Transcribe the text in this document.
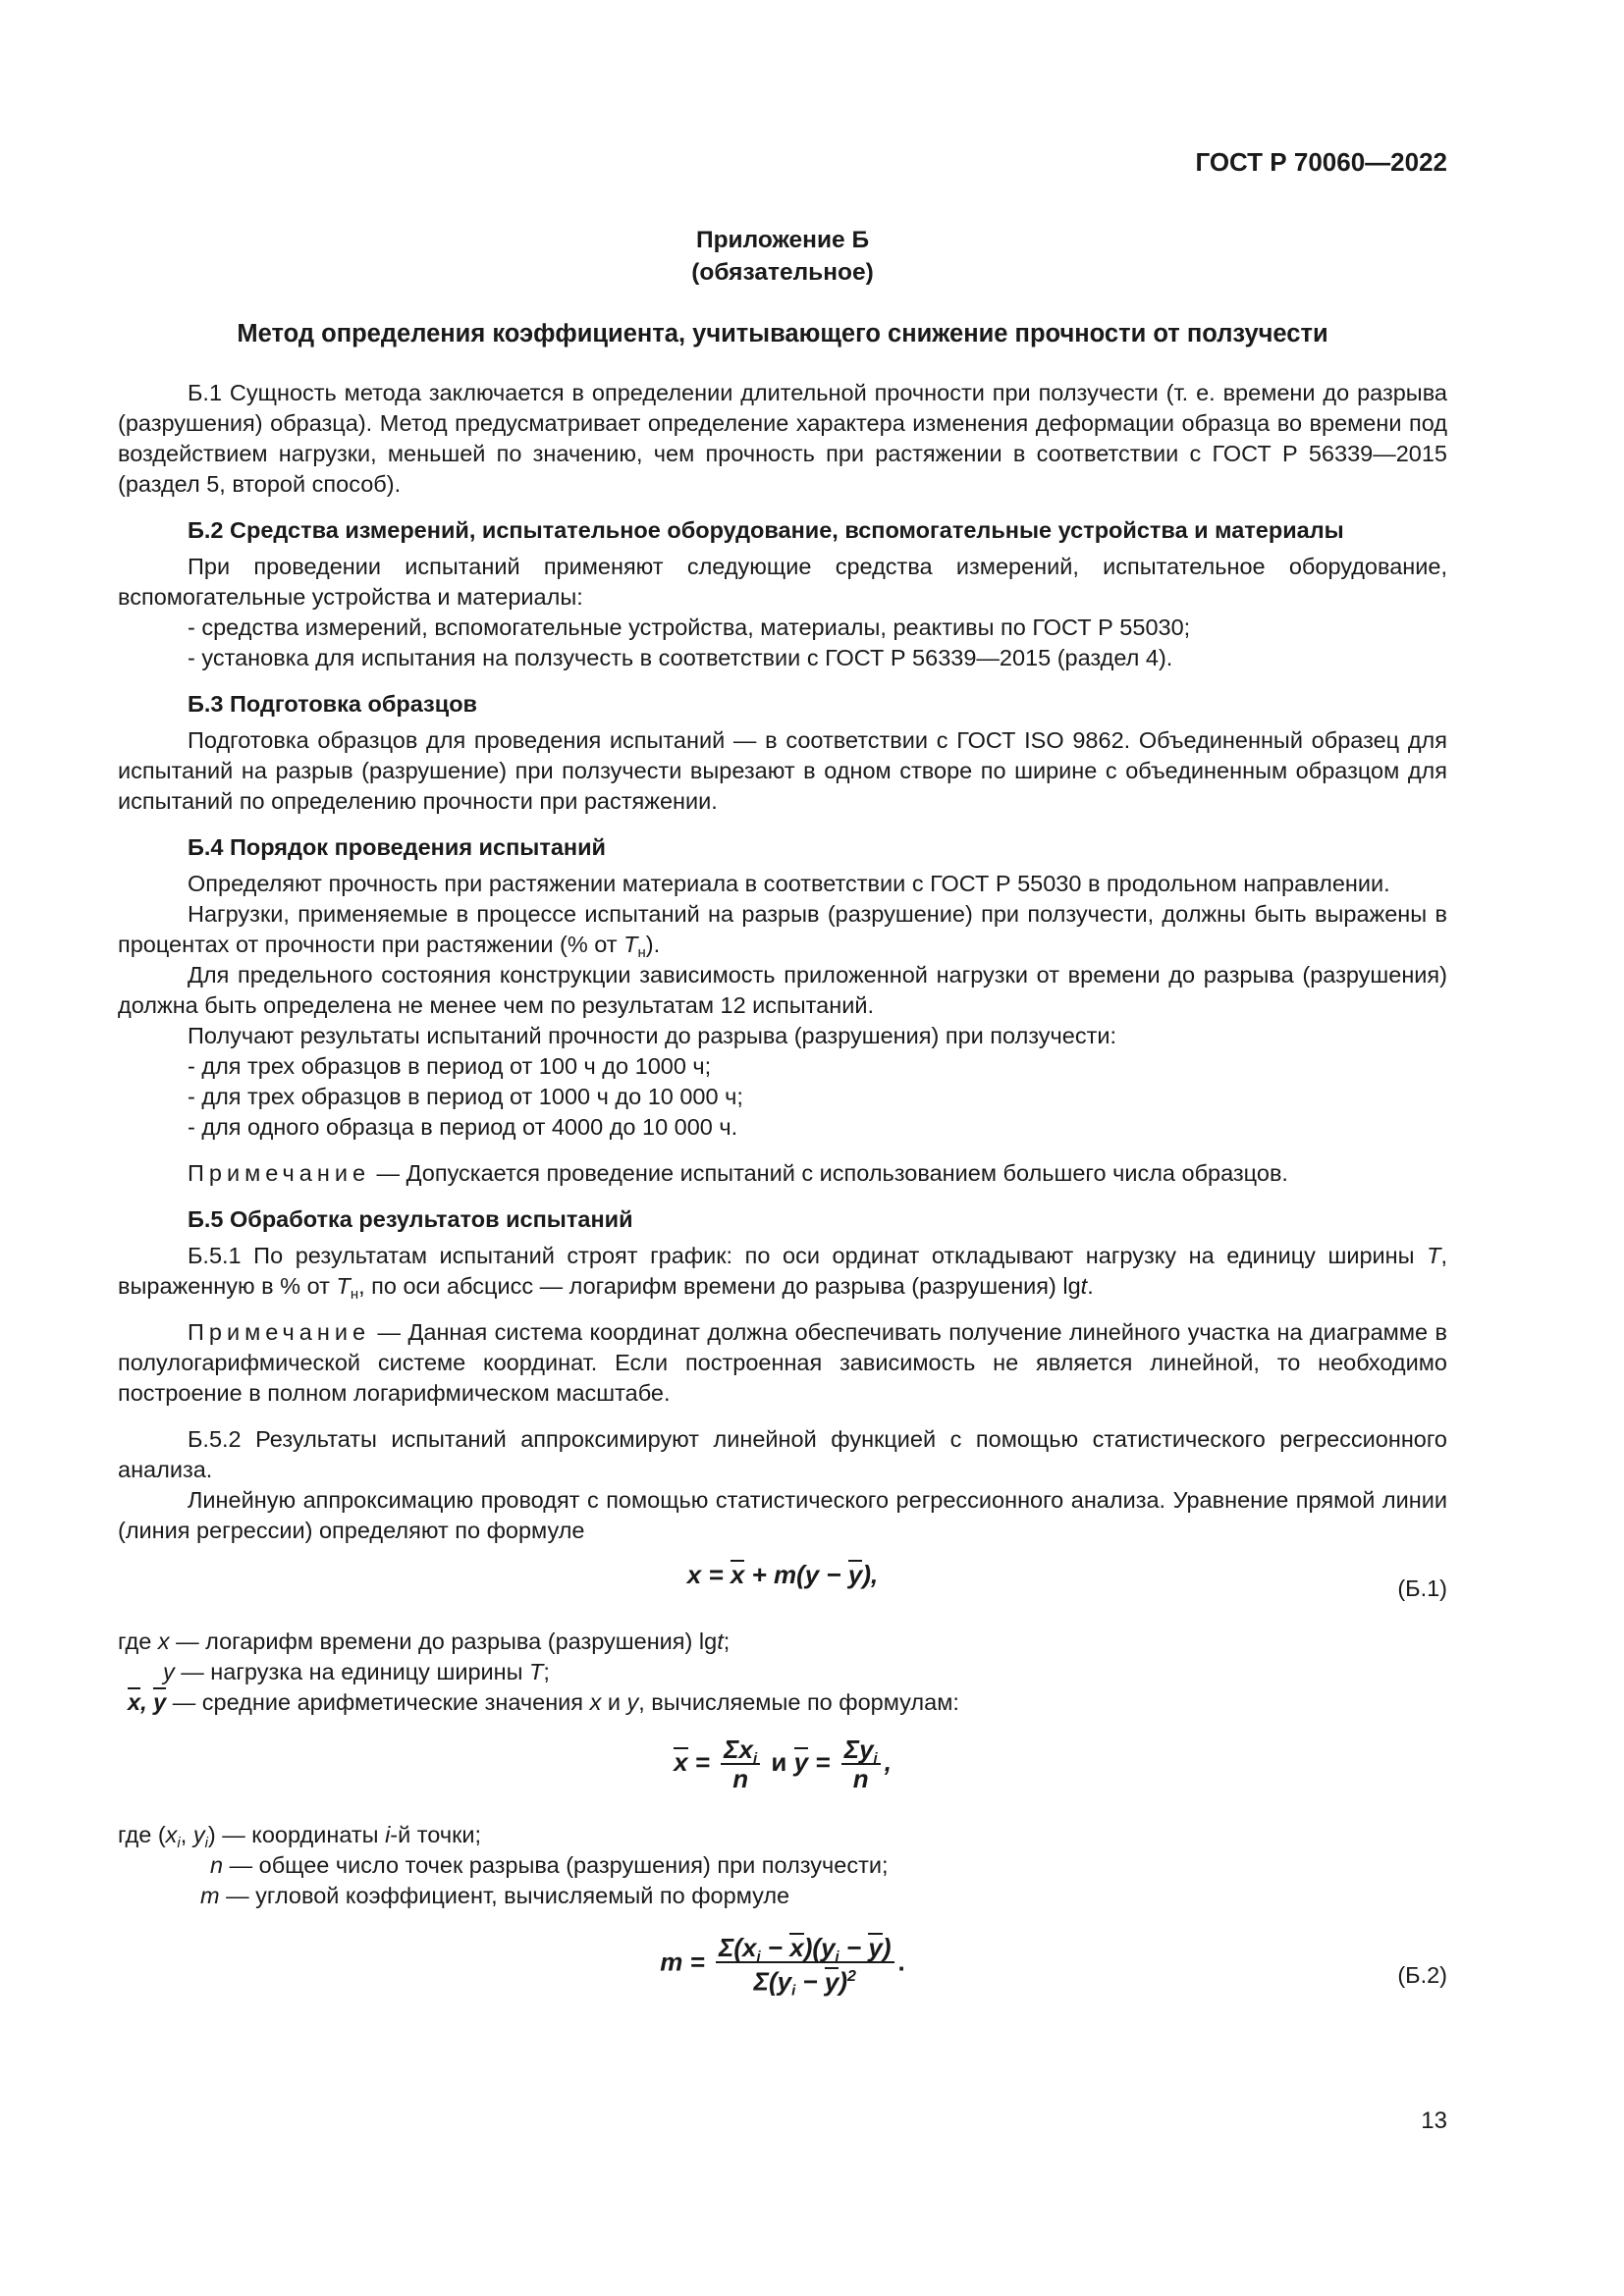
ГОСТ Р 70060—2022
Приложение Б
(обязательное)
Метод определения коэффициента, учитывающего снижение прочности от ползучести

Б.1 Сущность метода заключается в определении длительной прочности при ползучести (т. е. времени до разрыва (разрушения) образца). Метод предусматривает определение характера изменения деформации образца во времени под воздействием нагрузки, меньшей по значению, чем прочность при растяжении в соответствии с ГОСТ Р 56339—2015 (раздел 5, второй способ).

Б.2 Средства измерений, испытательное оборудование, вспомогательные устройства и материалы

При проведении испытаний применяют следующие средства измерений, испытательное оборудование, вспомогательные устройства и материалы:

- средства измерений, вспомогательные устройства, материалы, реактивы по ГОСТ Р 55030;

- установка для испытания на ползучесть в соответствии с ГОСТ Р 56339—2015 (раздел 4).

Б.3 Подготовка образцов

Подготовка образцов для проведения испытаний — в соответствии с ГОСТ ISO 9862. Объединенный образец для испытаний на разрыв (разрушение) при ползучести вырезают в одном створе по ширине с объединенным образцом для испытаний по определению прочности при растяжении.

Б.4 Порядок проведения испытаний

Определяют прочность при растяжении материала в соответствии с ГОСТ Р 55030 в продольном направлении.

Нагрузки, применяемые в процессе испытаний на разрыв (разрушение) при ползучести, должны быть выражены в процентах от прочности при растяжении (% от $T_н$).

Для предельного состояния конструкции зависимость приложенной нагрузки от времени до разрыва (разрушения) должна быть определена не менее чем по результатам 12 испытаний.

Получают результаты испытаний прочности до разрыва (разрушения) при ползучести:

- для трех образцов в период от 100 ч до 1000 ч;

- для трех образцов в период от 1000 ч до 10 000 ч;

- для одного образца в период от 4000 до 10 000 ч.

Примечание — Допускается проведение испытаний с использованием большего числа образцов.

Б.5 Обработка результатов испытаний

Б.5.1 По результатам испытаний строят график: по оси ординат откладывают нагрузку на единицу ширины T, выраженную в % от $T_н$, по оси абсцисс — логарифм времени до разрыва (разрушения) lgt.

Примечание — Данная система координат должна обеспечивать получение линейного участка на диаграмме в полулогарифмической системе координат. Если построенная зависимость не является линейной, то необходимо построение в полном логарифмическом масштабе.

Б.5.2 Результаты испытаний аппроксимируют линейной функцией с помощью статистического регрессионного анализа.

Линейную аппроксимацию проводят с помощью статистического регрессионного анализа. Уравнение прямой линии (линия регрессии) определяют по формуле

x = x + m(y − y),	(Б.1)

где x — логарифм времени до разрыва (разрушения) lgt;

y — нагрузка на единицу ширины T;

x, y — средние арифметические значения x и y, вычисляемые по формулам:

$x = \frac{\Sigma x_i}{n}$ и $y = \frac{\Sigma y_i}{n}$ ,

где ($x_i$, $y_i$) — координаты i-й точки;

n — общее число точек разрыва (разрушения) при ползучести;

m — угловой коэффициент, вычисляемый по формуле

$m = \frac{\Sigma(x_i - x)(y_i - y)}{\Sigma(y_i - y)^2}$ .	(Б.2)
13
